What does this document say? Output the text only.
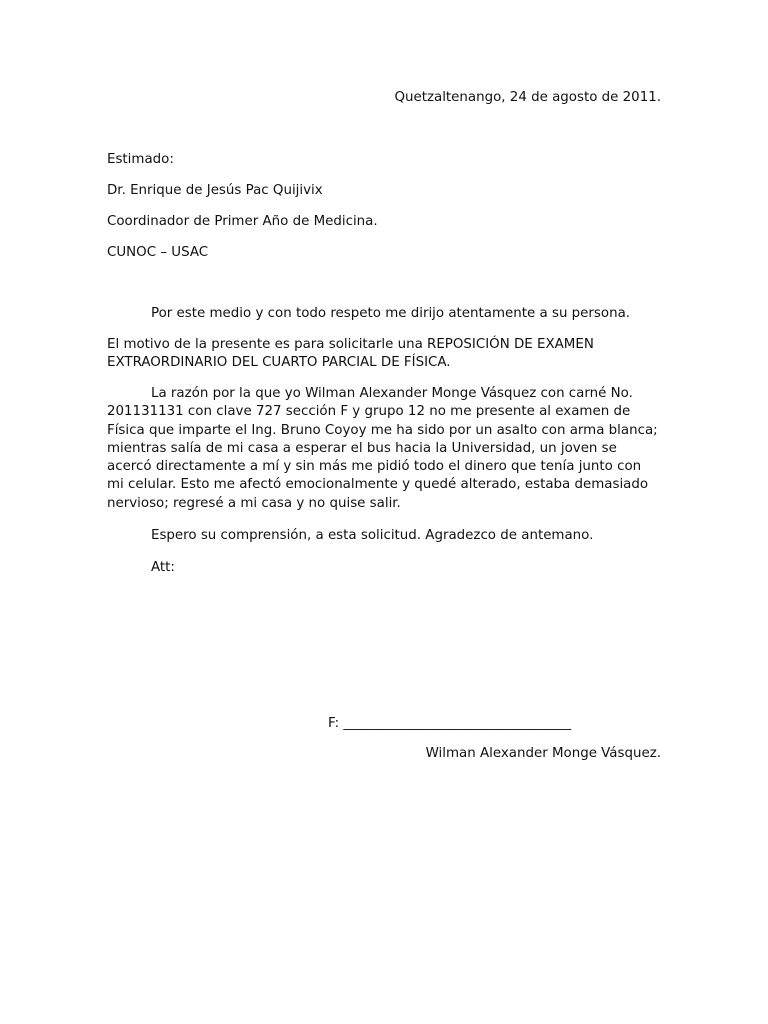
Quetzaltenango, 24 de agosto de 2011.
Estimado:
Dr. Enrique de Jesús Pac Quijivix
Coordinador de Primer Año de Medicina.
CUNOC – USAC
Por este medio y con todo respeto me dirijo atentamente a su persona.
El motivo de la presente es para solicitarle una REPOSICIÓN DE EXAMEN EXTRAORDINARIO DEL CUARTO PARCIAL DE FÍSICA.
La razón por la que yo Wilman Alexander Monge Vásquez con carné No. 201131131 con clave 727 sección F y grupo 12 no me presente al examen de Física que imparte el Ing. Bruno Coyoy me ha sido por un asalto con arma blanca; mientras salía de mi casa a esperar el bus hacia la Universidad, un joven se acercó directamente a mí y sin más me pidió todo el dinero que tenía junto con mi celular. Esto me afectó emocionalmente y quedé alterado, estaba demasiado nervioso; regresé a mi casa y no quise salir.
Espero su comprensión, a esta solicitud. Agradezco de antemano.
Att:
F: __________________________________
Wilman Alexander Monge Vásquez.
